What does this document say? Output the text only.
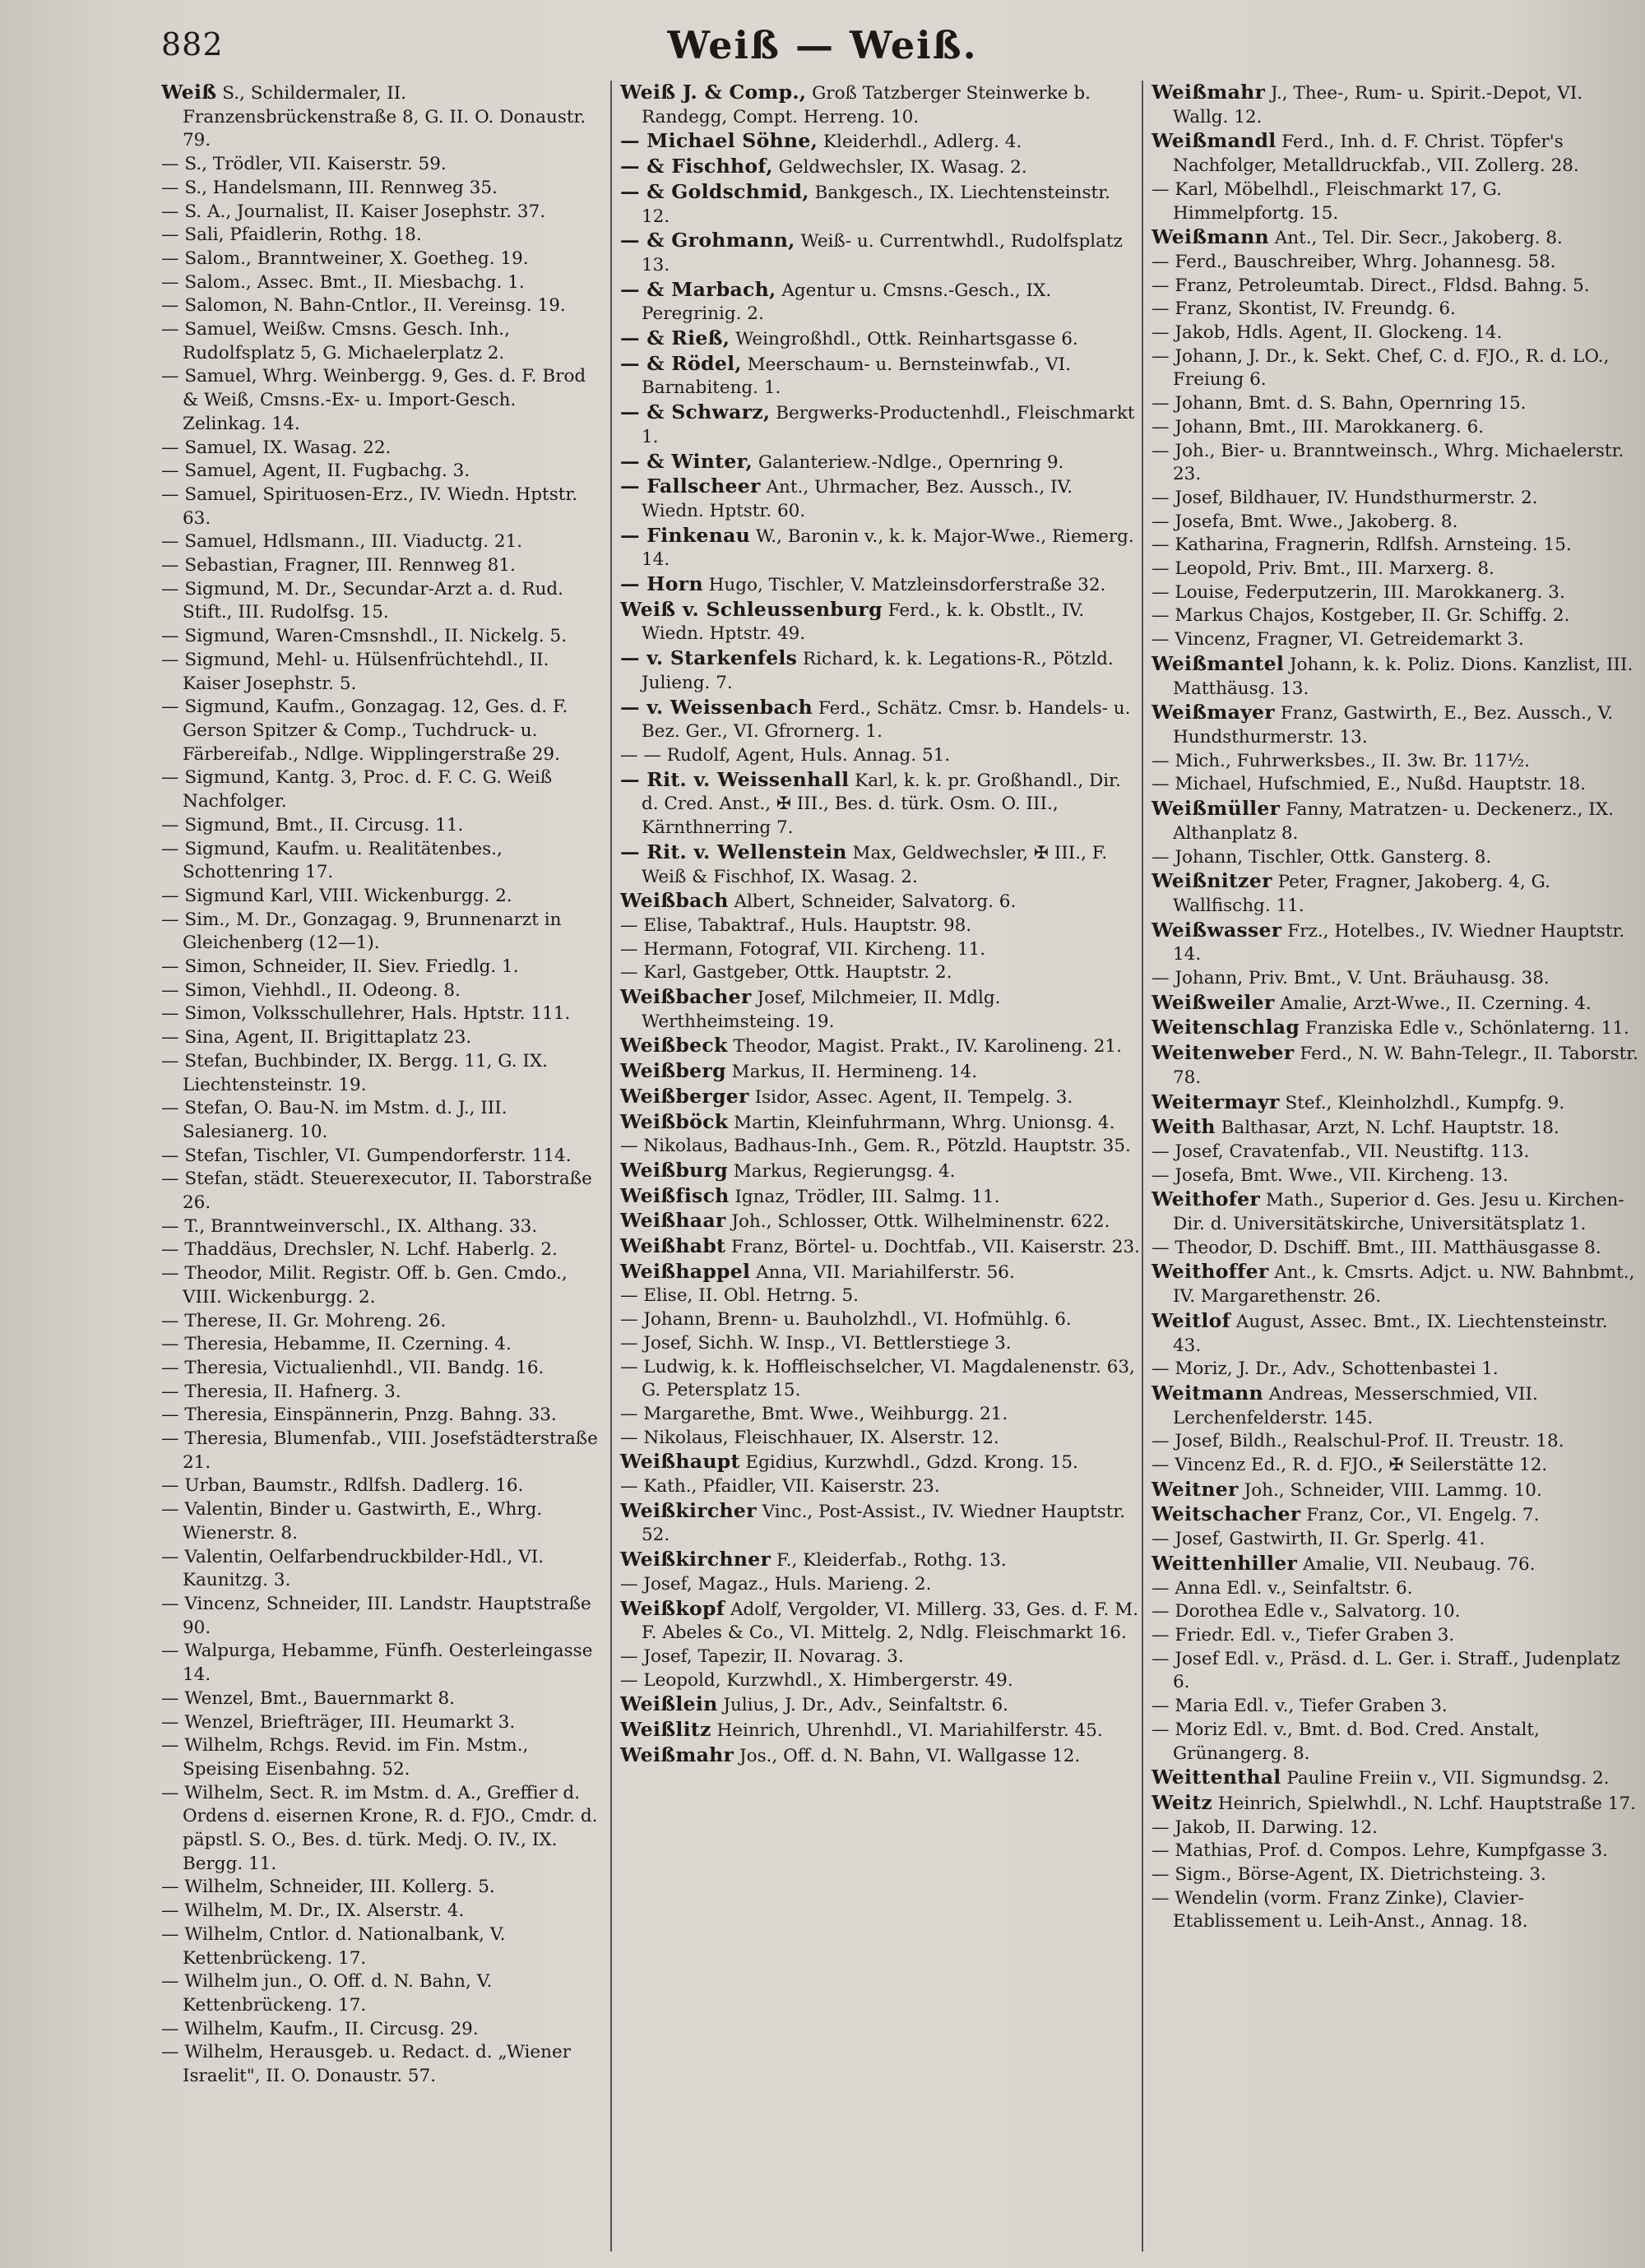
882	Weiß — Weiß.

Weiß S., Schildermaler, II. Franzensbrückenstraße 8, G. II. O. Donaustr. 79.

— S., Trödler, VII. Kaiserstr. 59.

— S., Handelsmann, III. Rennweg 35.

— S. A., Journalist, II. Kaiser Josephstr. 37.

— Sali, Pfaidlerin, Rothg. 18.

— Salom., Branntweiner, X. Goetheg. 19.

— Salom., Assec. Bmt., II. Miesbachg. 1.

— Salomon, N. Bahn-Cntlor., II. Vereinsg. 19.

— Samuel, Weißw. Cmsns. Gesch. Inh., Rudolfsplatz 5, G. Michaelerplatz 2.

— Samuel, Whrg. Weinbergg. 9, Ges. d. F. Brod & Weiß, Cmsns.-Ex- u. Import-Gesch. Zelinkag. 14.

— Samuel, IX. Wasag. 22.

— Samuel, Agent, II. Fugbachg. 3.

— Samuel, Spirituosen-Erz., IV. Wiedn. Hptstr. 63.

— Samuel, Hdlsmann., III. Viaductg. 21.

— Sebastian, Fragner, III. Rennweg 81.

— Sigmund, M. Dr., Secundar-Arzt a. d. Rud. Stift., III. Rudolfsg. 15.

— Sigmund, Waren-Cmsnshdl., II. Nickelg. 5.

— Sigmund, Mehl- u. Hülsenfrüchtehdl., II. Kaiser Josephstr. 5.

— Sigmund, Kaufm., Gonzagag. 12, Ges. d. F. Gerson Spitzer & Comp., Tuchdruck- u. Färbereifab., Ndlge. Wipplingerstraße 29.

— Sigmund, Kantg. 3, Proc. d. F. C. G. Weiß Nachfolger.

— Sigmund, Bmt., II. Circusg. 11.

— Sigmund, Kaufm. u. Realitätenbes., Schottenring 17.

— Sigmund Karl, VIII. Wickenburgg. 2.

— Sim., M. Dr., Gonzagag. 9, Brunnenarzt in Gleichenberg (12—1).

— Simon, Schneider, II. Siev. Friedlg. 1.

— Simon, Viehhdl., II. Odeong. 8.

— Simon, Volksschullehrer, Hals. Hptstr. 111.

— Sina, Agent, II. Brigittaplatz 23.

— Stefan, Buchbinder, IX. Bergg. 11, G. IX. Liechtensteinstr. 19.

— Stefan, O. Bau-N. im Mstm. d. J., III. Salesianerg. 10.

— Stefan, Tischler, VI. Gumpendorferstr. 114.

— Stefan, städt. Steuerexecutor, II. Taborstraße 26.

— T., Branntweinverschl., IX. Althang. 33.

— Thaddäus, Drechsler, N. Lchf. Haberlg. 2.

— Theodor, Milit. Registr. Off. b. Gen. Cmdo., VIII. Wickenburgg. 2.

— Therese, II. Gr. Mohreng. 26.

— Theresia, Hebamme, II. Czerning. 4.

— Theresia, Victualienhdl., VII. Bandg. 16.

— Theresia, II. Hafnerg. 3.

— Theresia, Einspännerin, Pnzg. Bahng. 33.

— Theresia, Blumenfab., VIII. Josefstädterstraße 21.

— Urban, Baumstr., Rdlfsh. Dadlerg. 16.

— Valentin, Binder u. Gastwirth, E., Whrg. Wienerstr. 8.

— Valentin, Oelfarbendruckbilder-Hdl., VI. Kaunitzg. 3.

— Vincenz, Schneider, III. Landstr. Hauptstraße 90.

— Walpurga, Hebamme, Fünfh. Oesterleingasse 14.

— Wenzel, Bmt., Bauernmarkt 8.

— Wenzel, Briefträger, III. Heumarkt 3.

— Wilhelm, Rchgs. Revid. im Fin. Mstm., Speising Eisenbahng. 52.

— Wilhelm, Sect. R. im Mstm. d. A., Greffier d. Ordens d. eisernen Krone, R. d. FJO., Cmdr. d. päpstl. S. O., Bes. d. türk. Medj. O. IV., IX. Bergg. 11.

— Wilhelm, Schneider, III. Kollerg. 5.

— Wilhelm, M. Dr., IX. Alserstr. 4.

— Wilhelm, Cntlor. d. Nationalbank, V. Kettenbrückeng. 17.

— Wilhelm jun., O. Off. d. N. Bahn, V. Kettenbrückeng. 17.

— Wilhelm, Kaufm., II. Circusg. 29.

— Wilhelm, Herausgeb. u. Redact. d. „Wiener Israelit", II. O. Donaustr. 57.

Weiß J. & Comp., Groß Tatzberger Steinwerke b. Randegg, Compt. Herreng. 10.

— Michael Söhne, Kleiderhdl., Adlerg. 4.

— & Fischhof, Geldwechsler, IX. Wasag. 2.

— & Goldschmid, Bankgesch., IX. Liechtensteinstr. 12.

— & Grohmann, Weiß- u. Currentwhdl., Rudolfsplatz 13.

— & Marbach, Agentur u. Cmsns.-Gesch., IX. Peregrinig. 2.

— & Rieß, Weingroßhdl., Ottk. Reinhartsgasse 6.

— & Rödel, Meerschaum- u. Bernsteinwfab., VI. Barnabiteng. 1.

— & Schwarz, Bergwerks-Productenhdl., Fleischmarkt 1.

— & Winter, Galanteriew.-Ndlge., Opernring 9.

— Fallscheer Ant., Uhrmacher, Bez. Aussch., IV. Wiedn. Hptstr. 60.

— Finkenau W., Baronin v., k. k. Major-Wwe., Riemerg. 14.

— Horn Hugo, Tischler, V. Matzleinsdorferstraße 32.

Weiß v. Schleussenburg Ferd., k. k. Obstlt., IV. Wiedn. Hptstr. 49.

— v. Starkenfels Richard, k. k. Legations-R., Pötzld. Julieng. 7.

— v. Weissenbach Ferd., Schätz. Cmsr. b. Handels- u. Bez. Ger., VI. Gfrornerg. 1.

— — Rudolf, Agent, Huls. Annag. 51.

— Rit. v. Weissenhall Karl, k. k. pr. Großhandl., Dir. d. Cred. Anst., ✠ III., Bes. d. türk. Osm. O. III., Kärnthnerring 7.

— Rit. v. Wellenstein Max, Geldwechsler, ✠ III., F. Weiß & Fischhof, IX. Wasag. 2.

Weißbach Albert, Schneider, Salvatorg. 6.

— Elise, Tabaktraf., Huls. Hauptstr. 98.

— Hermann, Fotograf, VII. Kircheng. 11.

— Karl, Gastgeber, Ottk. Hauptstr. 2.

Weißbacher Josef, Milchmeier, II. Mdlg. Werthheimsteing. 19.

Weißbeck Theodor, Magist. Prakt., IV. Karolineng. 21.

Weißberg Markus, II. Hermineng. 14.

Weißberger Isidor, Assec. Agent, II. Tempelg. 3.

Weißböck Martin, Kleinfuhrmann, Whrg. Unionsg. 4.

— Nikolaus, Badhaus-Inh., Gem. R., Pötzld. Hauptstr. 35.

Weißburg Markus, Regierungsg. 4.

Weißfisch Ignaz, Trödler, III. Salmg. 11.

Weißhaar Joh., Schlosser, Ottk. Wilhelminenstr. 622.

Weißhabt Franz, Börtel- u. Dochtfab., VII. Kaiserstr. 23.

Weißhappel Anna, VII. Mariahilferstr. 56.

— Elise, II. Obl. Hetrng. 5.

— Johann, Brenn- u. Bauholzhdl., VI. Hofmühlg. 6.

— Josef, Sichh. W. Insp., VI. Bettlerstiege 3.

— Ludwig, k. k. Hoffleischselcher, VI. Magdalenenstr. 63, G. Petersplatz 15.

— Margarethe, Bmt. Wwe., Weihburgg. 21.

— Nikolaus, Fleischhauer, IX. Alserstr. 12.

Weißhaupt Egidius, Kurzwhdl., Gdzd. Krong. 15.

— Kath., Pfaidler, VII. Kaiserstr. 23.

Weißkircher Vinc., Post-Assist., IV. Wiedner Hauptstr. 52.

Weißkirchner F., Kleiderfab., Rothg. 13.

— Josef, Magaz., Huls. Marieng. 2.

Weißkopf Adolf, Vergolder, VI. Millerg. 33, Ges. d. F. M. F. Abeles & Co., VI. Mittelg. 2, Ndlg. Fleischmarkt 16.

— Josef, Tapezir, II. Novarag. 3.

— Leopold, Kurzwhdl., X. Himbergerstr. 49.

Weißlein Julius, J. Dr., Adv., Seinfaltstr. 6.

Weißlitz Heinrich, Uhrenhdl., VI. Mariahilferstr. 45.

Weißmahr Jos., Off. d. N. Bahn, VI. Wallgasse 12.

Weißmahr J., Thee-, Rum- u. Spirit.-Depot, VI. Wallg. 12.

Weißmandl Ferd., Inh. d. F. Christ. Töpfer's Nachfolger, Metalldruckfab., VII. Zollerg. 28.

— Karl, Möbelhdl., Fleischmarkt 17, G. Himmelpfortg. 15.

Weißmann Ant., Tel. Dir. Secr., Jakoberg. 8.

— Ferd., Bauschreiber, Whrg. Johannesg. 58.

— Franz, Petroleumtab. Direct., Fldsd. Bahng. 5.

— Franz, Skontist, IV. Freundg. 6.

— Jakob, Hdls. Agent, II. Glockeng. 14.

— Johann, J. Dr., k. Sekt. Chef, C. d. FJO., R. d. LO., Freiung 6.

— Johann, Bmt. d. S. Bahn, Opernring 15.

— Johann, Bmt., III. Marokkanerg. 6.

— Joh., Bier- u. Branntweinsch., Whrg. Michaelerstr. 23.

— Josef, Bildhauer, IV. Hundsthurmerstr. 2.

— Josefa, Bmt. Wwe., Jakoberg. 8.

— Katharina, Fragnerin, Rdlfsh. Arnsteing. 15.

— Leopold, Priv. Bmt., III. Marxerg. 8.

— Louise, Federputzerin, III. Marokkanerg. 3.

— Markus Chajos, Kostgeber, II. Gr. Schiffg. 2.

— Vincenz, Fragner, VI. Getreidemarkt 3.

Weißmantel Johann, k. k. Poliz. Dions. Kanzlist, III. Matthäusg. 13.

Weißmayer Franz, Gastwirth, E., Bez. Aussch., V. Hundsthurmerstr. 13.

— Mich., Fuhrwerksbes., II. 3w. Br. 117½.

— Michael, Hufschmied, E., Nußd. Hauptstr. 18.

Weißmüller Fanny, Matratzen- u. Deckenerz., IX. Althanplatz 8.

— Johann, Tischler, Ottk. Gansterg. 8.

Weißnitzer Peter, Fragner, Jakoberg. 4, G. Wallfischg. 11.

Weißwasser Frz., Hotelbes., IV. Wiedner Hauptstr. 14.

— Johann, Priv. Bmt., V. Unt. Bräuhausg. 38.

Weißweiler Amalie, Arzt-Wwe., II. Czerning. 4.

Weitenschlag Franziska Edle v., Schönlaterng. 11.

Weitenweber Ferd., N. W. Bahn-Telegr., II. Taborstr. 78.

Weitermayr Stef., Kleinholzhdl., Kumpfg. 9.

Weith Balthasar, Arzt, N. Lchf. Hauptstr. 18.

— Josef, Cravatenfab., VII. Neustiftg. 113.

— Josefa, Bmt. Wwe., VII. Kircheng. 13.

Weithofer Math., Superior d. Ges. Jesu u. Kirchen-Dir. d. Universitätskirche, Universitätsplatz 1.

— Theodor, D. Dschiff. Bmt., III. Matthäusgasse 8.

Weithoffer Ant., k. Cmsrts. Adjct. u. NW. Bahnbmt., IV. Margarethenstr. 26.

Weitlof August, Assec. Bmt., IX. Liechtensteinstr. 43.

— Moriz, J. Dr., Adv., Schottenbastei 1.

Weitmann Andreas, Messerschmied, VII. Lerchenfelderstr. 145.

— Josef, Bildh., Realschul-Prof. II. Treustr. 18.

— Vincenz Ed., R. d. FJO., ✠ Seilerstätte 12.

Weitner Joh., Schneider, VIII. Lammg. 10.

Weitschacher Franz, Cor., VI. Engelg. 7.

— Josef, Gastwirth, II. Gr. Sperlg. 41.

Weittenhiller Amalie, VII. Neubaug. 76.

— Anna Edl. v., Seinfaltstr. 6.

— Dorothea Edle v., Salvatorg. 10.

— Friedr. Edl. v., Tiefer Graben 3.

— Josef Edl. v., Präsd. d. L. Ger. i. Straff., Judenplatz 6.

— Maria Edl. v., Tiefer Graben 3.

— Moriz Edl. v., Bmt. d. Bod. Cred. Anstalt, Grünangerg. 8.

Weittenthal Pauline Freiin v., VII. Sigmundsg. 2.

Weitz Heinrich, Spielwhdl., N. Lchf. Hauptstraße 17.

— Jakob, II. Darwing. 12.

— Mathias, Prof. d. Compos. Lehre, Kumpfgasse 3.

— Sigm., Börse-Agent, IX. Dietrichsteing. 3.

— Wendelin (vorm. Franz Zinke), Clavier-Etablissement u. Leih-Anst., Annag. 18.
